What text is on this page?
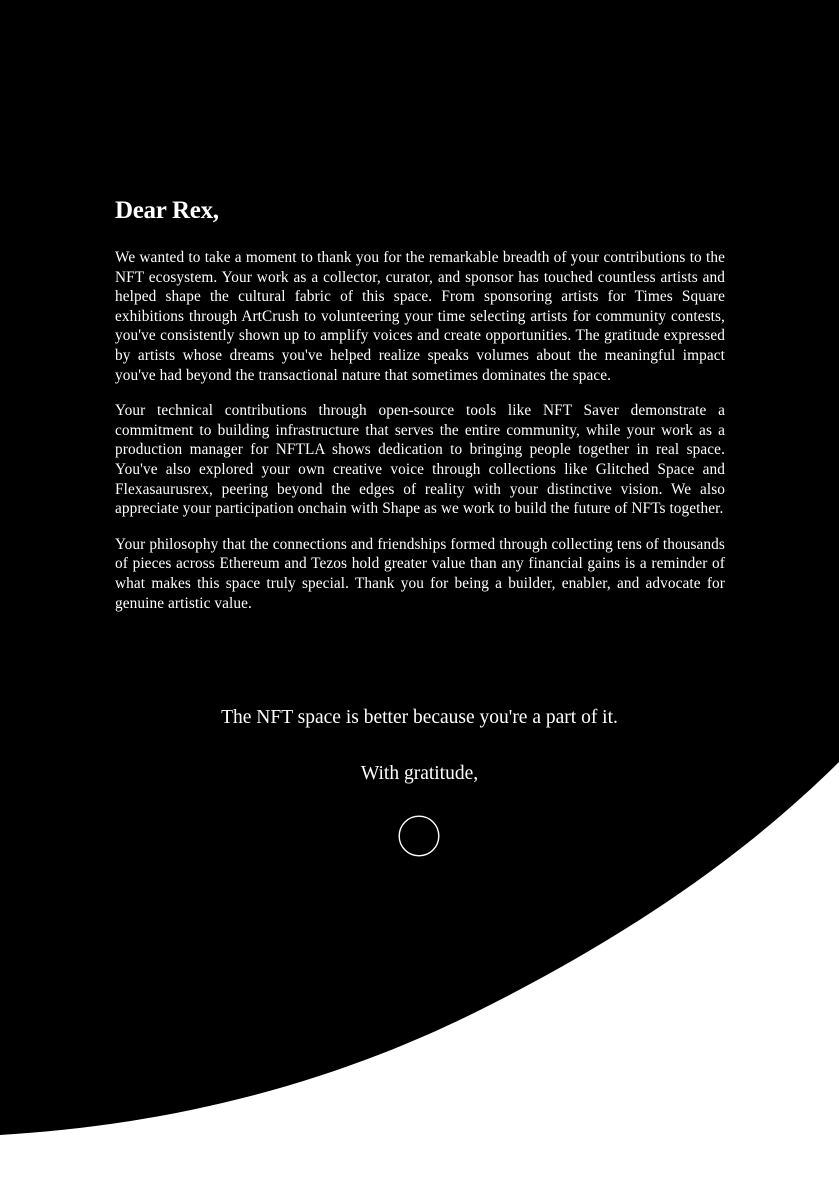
Dear Rex,

We wanted to take a moment to thank you for the remarkable breadth of your contributions to the NFT ecosystem. Your work as a collector, curator, and sponsor has touched countless artists and helped shape the cultural fabric of this space. From sponsoring artists for Times Square exhibitions through ArtCrush to volunteering your time selecting artists for community contests, you've consistently shown up to amplify voices and create opportunities. The gratitude expressed by artists whose dreams you've helped realize speaks volumes about the meaningful impact you've had beyond the transactional nature that sometimes dominates the space.

Your technical contributions through open-source tools like NFT Saver demonstrate a commitment to building infrastructure that serves the entire community, while your work as a production manager for NFTLA shows dedication to bringing people together in real space. You've also explored your own creative voice through collections like Glitched Space and Flexasaurusrex, peering beyond the edges of reality with your distinctive vision. We also appreciate your participation onchain with Shape as we work to build the future of NFTs together.

Your philosophy that the connections and friendships formed through collecting tens of thousands of pieces across Ethereum and Tezos hold greater value than any financial gains is a reminder of what makes this space truly special. Thank you for being a builder, enabler, and advocate for genuine artistic value.

The NFT space is better because you're a part of it.
With gratitude,
